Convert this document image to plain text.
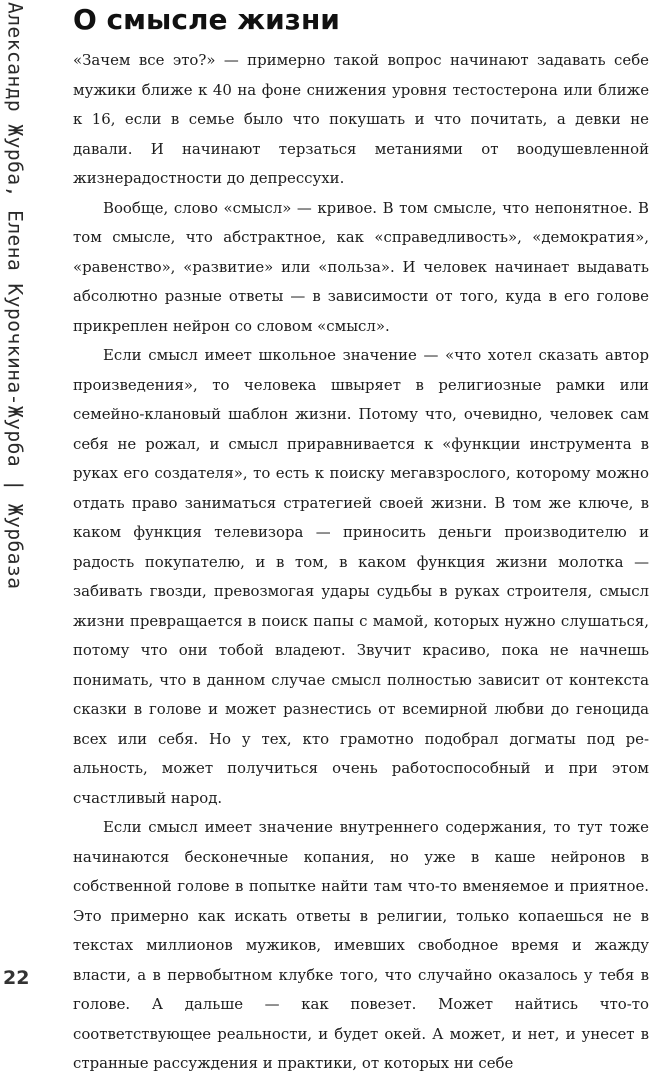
Александр Журба, Елена Курочкина-Журба | Журбаза
22
О смысле жизни

«Зачем все это?» — примерно такой вопрос начинают задавать себе мужики ближе к 40 на фоне снижения уровня тестостерона или ближе к 16, если в семье было что покушать и что почитать, а девки не давали. И начинают терзаться метаниями от воодушевленной жизнерадостности до депрессухи.

Вообще, слово «смысл» — кривое. В том смысле, что непонятное. В том смысле, что абстрактное, как «справедливость», «демократия», «равенство», «развитие» или «польза». И человек начинает выдавать абсолютно разные ответы — в зависимости от того, куда в его голове прикреплен нейрон со словом «смысл».

Если смысл имеет школьное значение — «что хотел сказать автор произведения», то человека швыряет в религиозные рамки или семейно-клановый шаблон жизни. Потому что, очевидно, человек сам себя не рожал, и смысл приравнивается к «функции инструмента в руках его создателя», то есть к поиску мегавзрослого, которому можно отдать право заниматься стратегией своей жизни. В том же ключе, в каком функция телевизора — приносить деньги производителю и радость покупателю, и в том, в каком функция жизни молотка — забивать гвозди, превозмогая удары судьбы в руках строителя, смысл жизни превращается в поиск папы с мамой, которых нужно слушаться, потому что они тобой владеют. Звучит красиво, пока не начнешь понимать, что в данном случае смысл полностью зависит от контекста сказки в голове и может разнестись от всемирной любви до геноцида всех или себя. Но у тех, кто грамотно подобрал догматы под реальность, может получиться очень работоспособный и при этом счастливый народ.

Если смысл имеет значение внутреннего содержания, то тут тоже начинаются бесконечные копания, но уже в каше нейронов в собственной голове в попытке найти там что-то вменяемое и приятное. Это примерно как искать ответы в религии, только копаешься не в текстах миллионов мужиков, имевших свободное время и жажду власти, а в первобытном клубке того, что случайно оказалось у тебя в голове. А дальше — как повезет. Может найтись что-то соответствующее реальности, и будет окей. А может, и нет, и унесет в странные рассуждения и практики, от которых ни себе
